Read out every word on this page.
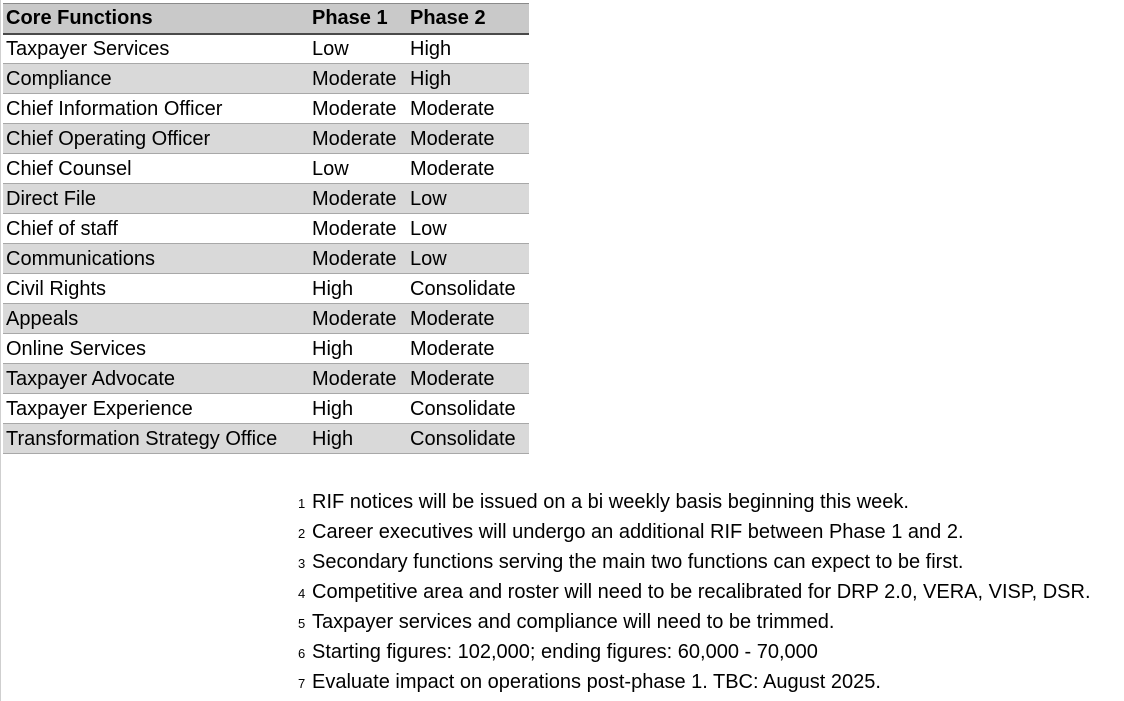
Core Functions	Phase 1	Phase 2
Taxpayer Services	Low	High
Compliance	Moderate	High
Chief Information Officer	Moderate	Moderate
Chief Operating Officer	Moderate	Moderate
Chief Counsel	Low	Moderate
Direct File	Moderate	Low
Chief of staff	Moderate	Low
Communications	Moderate	Low
Civil Rights	High	Consolidate
Appeals	Moderate	Moderate
Online Services	High	Moderate
Taxpayer Advocate	Moderate	Moderate
Taxpayer Experience	High	Consolidate
Transformation Strategy Office	High	Consolidate
1 RIF notices will be issued on a bi weekly basis beginning this week.
2 Career executives will undergo an additional RIF between Phase 1 and 2.
3 Secondary functions serving the main two functions can expect to be first.
4 Competitive area and roster will need to be recalibrated for DRP 2.0, VERA, VISP, DSR.
5 Taxpayer services and compliance will need to be trimmed.
6 Starting figures: 102,000; ending figures: 60,000 - 70,000
7 Evaluate impact on operations post-phase 1. TBC: August 2025.
